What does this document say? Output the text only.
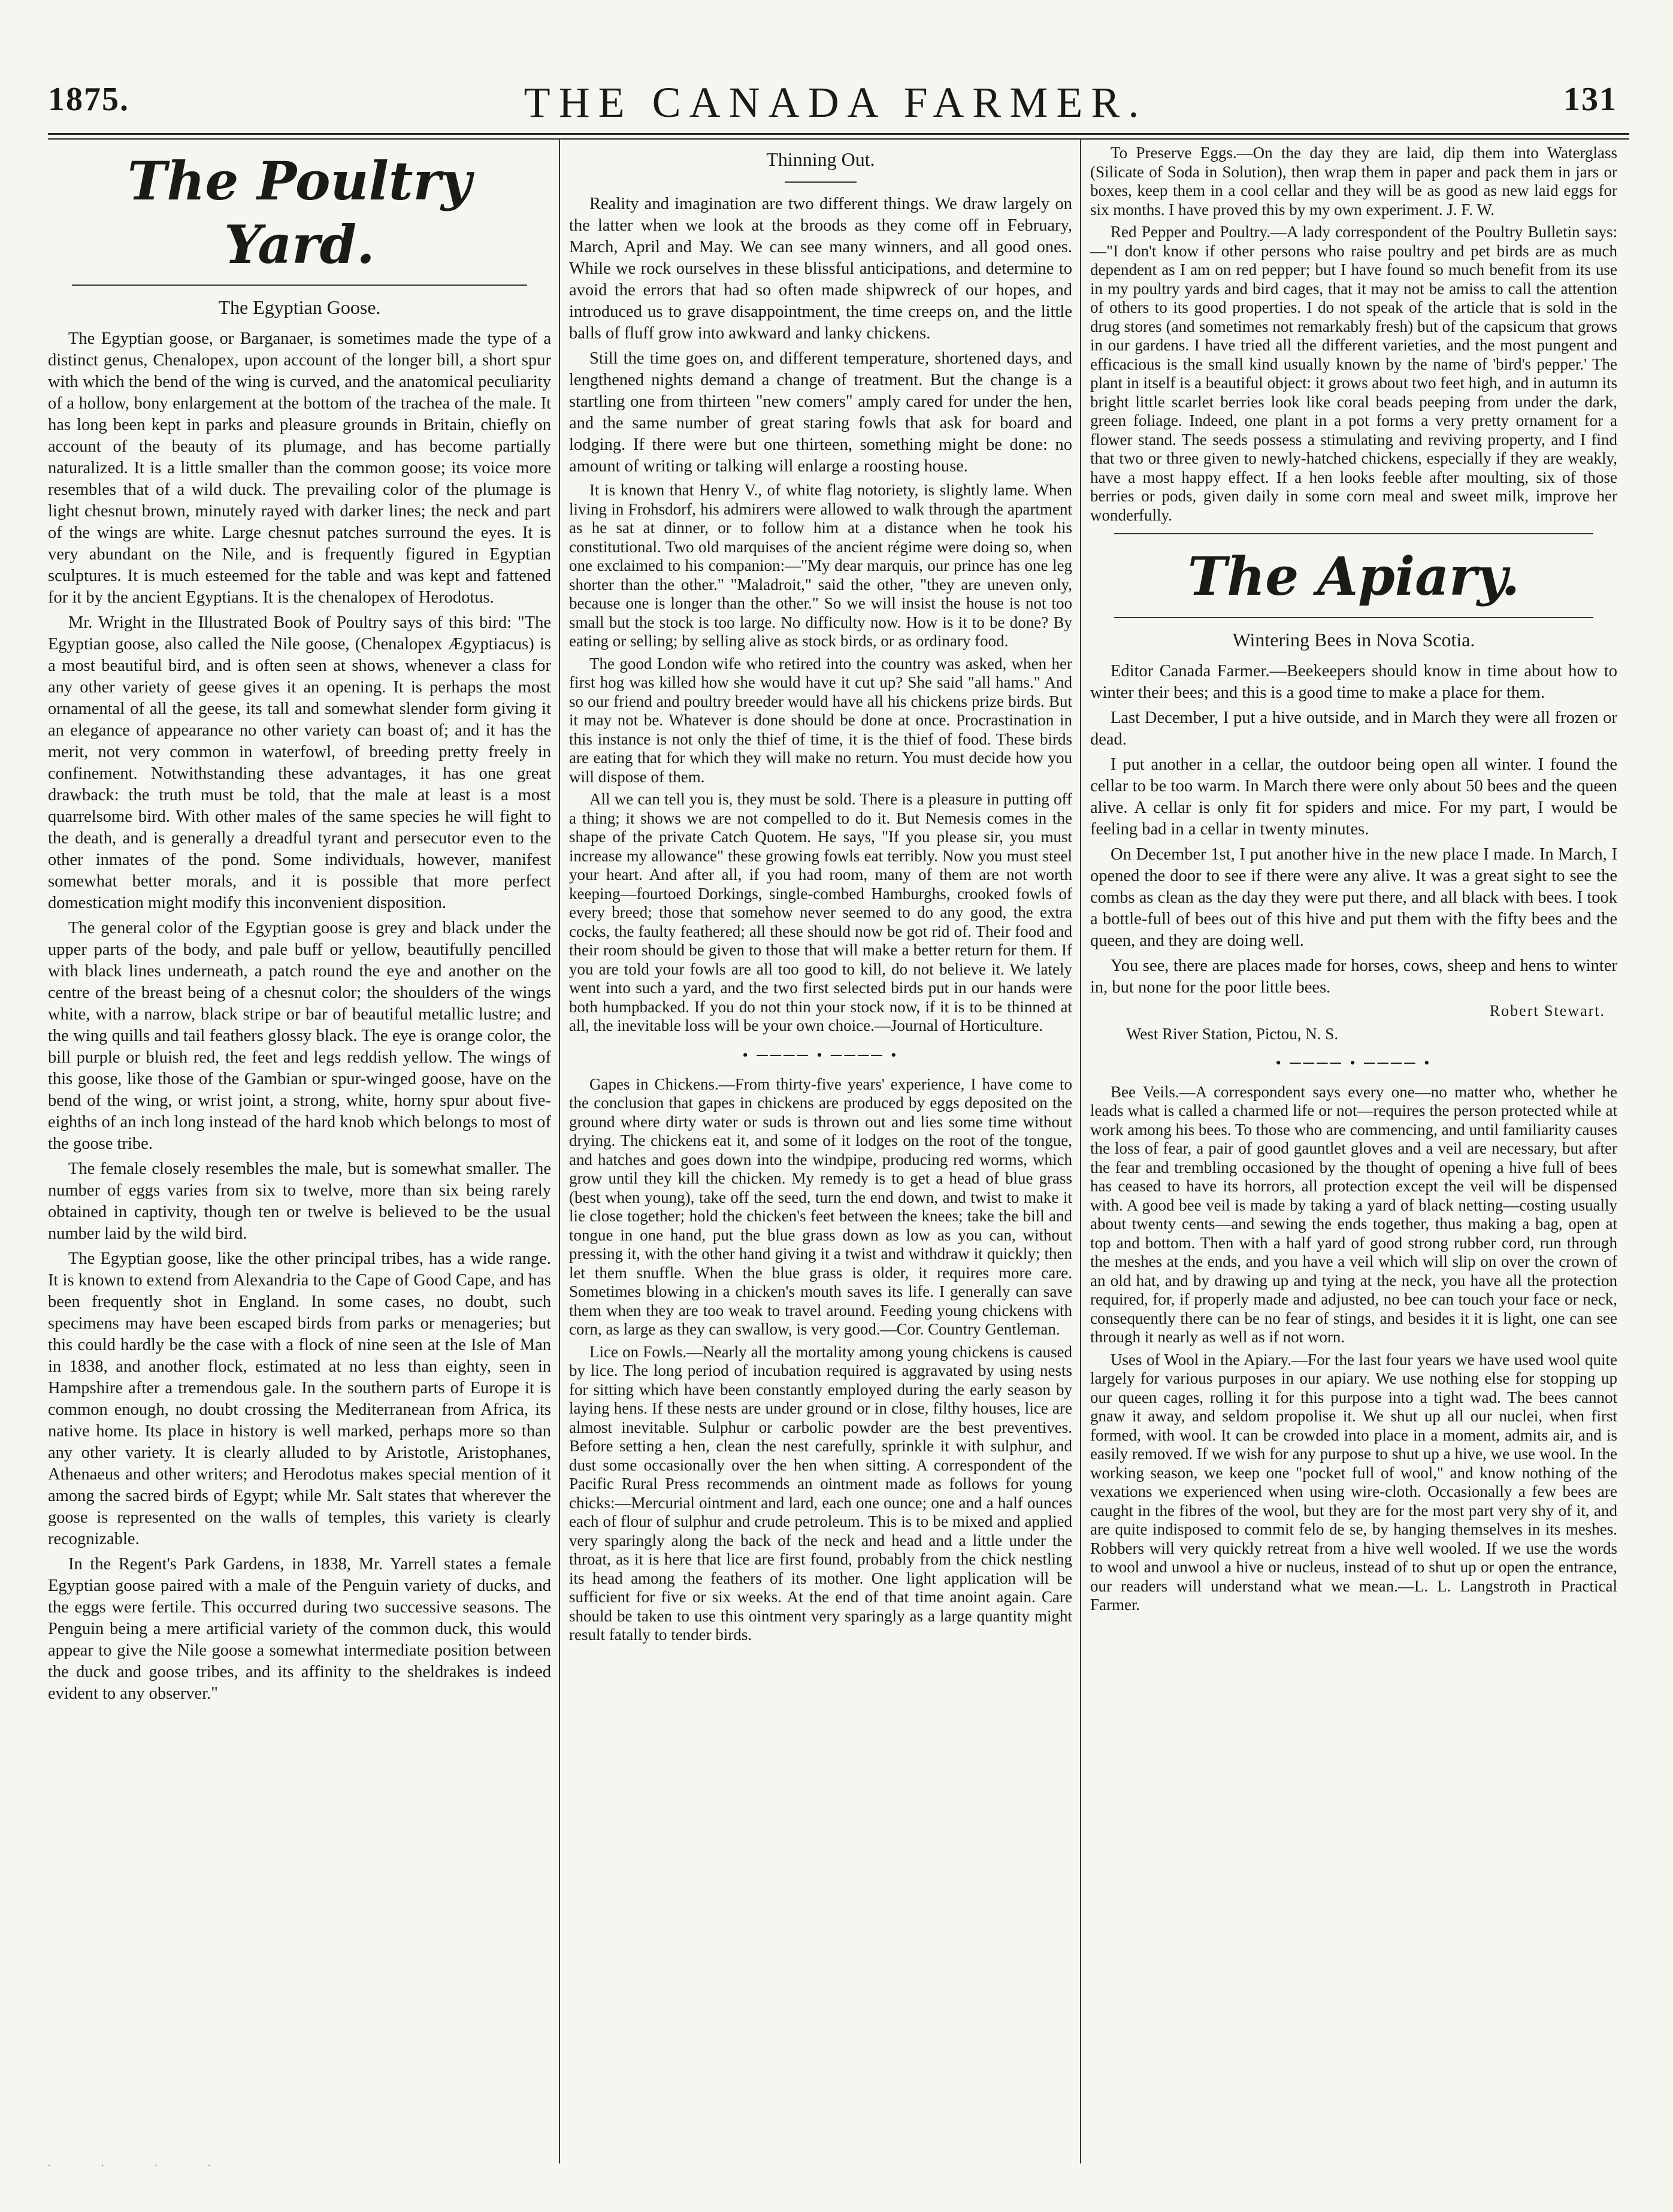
1875.	THE CANADA FARMER.	131
The Poultry Yard.
The Egyptian Goose.

The Egyptian goose, or Barganaer, is sometimes made the type of a distinct genus, Chenalopex, upon account of the longer bill, a short spur with which the bend of the wing is curved, and the anatomical peculiarity of a hollow, bony enlargement at the bottom of the trachea of the male. It has long been kept in parks and pleasure grounds in Britain, chiefly on account of the beauty of its plumage, and has become partially naturalized. It is a little smaller than the common goose; its voice more resembles that of a wild duck. The prevailing color of the plumage is light chesnut brown, minutely rayed with darker lines; the neck and part of the wings are white. Large chesnut patches surround the eyes. It is very abundant on the Nile, and is frequently figured in Egyptian sculptures. It is much esteemed for the table and was kept and fattened for it by the ancient Egyptians. It is the chenalopex of Herodotus.

Mr. Wright in the Illustrated Book of Poultry says of this bird: "The Egyptian goose, also called the Nile goose, (Chenalopex Ægyptiacus) is a most beautiful bird, and is often seen at shows, whenever a class for any other variety of geese gives it an opening. It is perhaps the most ornamental of all the geese, its tall and somewhat slender form giving it an elegance of appearance no other variety can boast of; and it has the merit, not very common in waterfowl, of breeding pretty freely in confinement. Notwithstanding these advantages, it has one great drawback: the truth must be told, that the male at least is a most quarrelsome bird. With other males of the same species he will fight to the death, and is generally a dreadful tyrant and persecutor even to the other inmates of the pond. Some individuals, however, manifest somewhat better morals, and it is possible that more perfect domestication might modify this inconvenient disposition.

The general color of the Egyptian goose is grey and black under the upper parts of the body, and pale buff or yellow, beautifully pencilled with black lines underneath, a patch round the eye and another on the centre of the breast being of a chesnut color; the shoulders of the wings white, with a narrow, black stripe or bar of beautiful metallic lustre; and the wing quills and tail feathers glossy black. The eye is orange color, the bill purple or bluish red, the feet and legs reddish yellow. The wings of this goose, like those of the Gambian or spur-winged goose, have on the bend of the wing, or wrist joint, a strong, white, horny spur about five-eighths of an inch long instead of the hard knob which belongs to most of the goose tribe.

The female closely resembles the male, but is somewhat smaller. The number of eggs varies from six to twelve, more than six being rarely obtained in captivity, though ten or twelve is believed to be the usual number laid by the wild bird.

The Egyptian goose, like the other principal tribes, has a wide range. It is known to extend from Alexandria to the Cape of Good Cape, and has been frequently shot in England. In some cases, no doubt, such specimens may have been escaped birds from parks or menageries; but this could hardly be the case with a flock of nine seen at the Isle of Man in 1838, and another flock, estimated at no less than eighty, seen in Hampshire after a tremendous gale. In the southern parts of Europe it is common enough, no doubt crossing the Mediterranean from Africa, its native home. Its place in history is well marked, perhaps more so than any other variety. It is clearly alluded to by Aristotle, Aristophanes, Athenaeus and other writers; and Herodotus makes special mention of it among the sacred birds of Egypt; while Mr. Salt states that wherever the goose is represented on the walls of temples, this variety is clearly recognizable.

In the Regent's Park Gardens, in 1838, Mr. Yarrell states a female Egyptian goose paired with a male of the Penguin variety of ducks, and the eggs were fertile. This occurred during two successive seasons. The Penguin being a mere artificial variety of the common duck, this would appear to give the Nile goose a somewhat intermediate position between the duck and goose tribes, and its affinity to the sheldrakes is indeed evident to any observer."

Thinning Out.

Reality and imagination are two different things. We draw largely on the latter when we look at the broods as they come off in February, March, April and May. We can see many winners, and all good ones. While we rock ourselves in these blissful anticipations, and determine to avoid the errors that had so often made shipwreck of our hopes, and introduced us to grave disappointment, the time creeps on, and the little balls of fluff grow into awkward and lanky chickens.

Still the time goes on, and different temperature, shortened days, and lengthened nights demand a change of treatment. But the change is a startling one from thirteen "new comers" amply cared for under the hen, and the same number of great staring fowls that ask for board and lodging. If there were but one thirteen, something might be done: no amount of writing or talking will enlarge a roosting house.

It is known that Henry V., of white flag notoriety, is slightly lame. When living in Frohsdorf, his admirers were allowed to walk through the apartment as he sat at dinner, or to follow him at a distance when he took his constitutional. Two old marquises of the ancient régime were doing so, when one exclaimed to his companion:—"My dear marquis, our prince has one leg shorter than the other." "Maladroit," said the other, "they are uneven only, because one is longer than the other." So we will insist the house is not too small but the stock is too large. No difficulty now. How is it to be done? By eating or selling; by selling alive as stock birds, or as ordinary food.

The good London wife who retired into the country was asked, when her first hog was killed how she would have it cut up? She said "all hams." And so our friend and poultry breeder would have all his chickens prize birds. But it may not be. Whatever is done should be done at once. Procrastination in this instance is not only the thief of time, it is the thief of food. These birds are eating that for which they will make no return. You must decide how you will dispose of them.

All we can tell you is, they must be sold. There is a pleasure in putting off a thing; it shows we are not compelled to do it. But Nemesis comes in the shape of the private Catch Quotem. He says, "If you please sir, you must increase my allowance" these growing fowls eat terribly. Now you must steel your heart. And after all, if you had room, many of them are not worth keeping—fourtoed Dorkings, single-combed Hamburghs, crooked fowls of every breed; those that somehow never seemed to do any good, the extra cocks, the faulty feathered; all these should now be got rid of. Their food and their room should be given to those that will make a better return for them. If you are told your fowls are all too good to kill, do not believe it. We lately went into such a yard, and the two first selected birds put in our hands were both humpbacked. If you do not thin your stock now, if it is to be thinned at all, the inevitable loss will be your own choice.—Journal of Horticulture.

• ──── • ──── •

Gapes in Chickens.—From thirty-five years' experience, I have come to the conclusion that gapes in chickens are produced by eggs deposited on the ground where dirty water or suds is thrown out and lies some time without drying. The chickens eat it, and some of it lodges on the root of the tongue, and hatches and goes down into the windpipe, producing red worms, which grow until they kill the chicken. My remedy is to get a head of blue grass (best when young), take off the seed, turn the end down, and twist to make it lie close together; hold the chicken's feet between the knees; take the bill and tongue in one hand, put the blue grass down as low as you can, without pressing it, with the other hand giving it a twist and withdraw it quickly; then let them snuffle. When the blue grass is older, it requires more care. Sometimes blowing in a chicken's mouth saves its life. I generally can save them when they are too weak to travel around. Feeding young chickens with corn, as large as they can swallow, is very good.—Cor. Country Gentleman.

Lice on Fowls.—Nearly all the mortality among young chickens is caused by lice. The long period of incubation required is aggravated by using nests for sitting which have been constantly employed during the early season by laying hens. If these nests are under ground or in close, filthy houses, lice are almost inevitable. Sulphur or carbolic powder are the best preventives. Before setting a hen, clean the nest carefully, sprinkle it with sulphur, and dust some occasionally over the hen when sitting. A correspondent of the Pacific Rural Press recommends an ointment made as follows for young chicks:—Mercurial ointment and lard, each one ounce; one and a half ounces each of flour of sulphur and crude petroleum. This is to be mixed and applied very sparingly along the back of the neck and head and a little under the throat, as it is here that lice are first found, probably from the chick nestling its head among the feathers of its mother. One light application will be sufficient for five or six weeks. At the end of that time anoint again. Care should be taken to use this ointment very sparingly as a large quantity might result fatally to tender birds.

To Preserve Eggs.—On the day they are laid, dip them into Waterglass (Silicate of Soda in Solution), then wrap them in paper and pack them in jars or boxes, keep them in a cool cellar and they will be as good as new laid eggs for six months. I have proved this by my own experiment. J. F. W.

Red Pepper and Poultry.—A lady correspondent of the Poultry Bulletin says:—"I don't know if other persons who raise poultry and pet birds are as much dependent as I am on red pepper; but I have found so much benefit from its use in my poultry yards and bird cages, that it may not be amiss to call the attention of others to its good properties. I do not speak of the article that is sold in the drug stores (and sometimes not remarkably fresh) but of the capsicum that grows in our gardens. I have tried all the different varieties, and the most pungent and efficacious is the small kind usually known by the name of 'bird's pepper.' The plant in itself is a beautiful object: it grows about two feet high, and in autumn its bright little scarlet berries look like coral beads peeping from under the dark, green foliage. Indeed, one plant in a pot forms a very pretty ornament for a flower stand. The seeds possess a stimulating and reviving property, and I find that two or three given to newly-hatched chickens, especially if they are weakly, have a most happy effect. If a hen looks feeble after moulting, six of those berries or pods, given daily in some corn meal and sweet milk, improve her wonderfully.

The Apiary.
Wintering Bees in Nova Scotia.

Editor Canada Farmer.—Beekeepers should know in time about how to winter their bees; and this is a good time to make a place for them.

Last December, I put a hive outside, and in March they were all frozen or dead.

I put another in a cellar, the outdoor being open all winter. I found the cellar to be too warm. In March there were only about 50 bees and the queen alive. A cellar is only fit for spiders and mice. For my part, I would be feeling bad in a cellar in twenty minutes.

On December 1st, I put another hive in the new place I made. In March, I opened the door to see if there were any alive. It was a great sight to see the combs as clean as the day they were put there, and all black with bees. I took a bottle-full of bees out of this hive and put them with the fifty bees and the queen, and they are doing well.

You see, there are places made for horses, cows, sheep and hens to winter in, but none for the poor little bees.

Robert Stewart.
West River Station, Pictou, N. S.
• ──── • ──── •

Bee Veils.—A correspondent says every one—no matter who, whether he leads what is called a charmed life or not—requires the person protected while at work among his bees. To those who are commencing, and until familiarity causes the loss of fear, a pair of good gauntlet gloves and a veil are necessary, but after the fear and trembling occasioned by the thought of opening a hive full of bees has ceased to have its horrors, all protection except the veil will be dispensed with. A good bee veil is made by taking a yard of black netting—costing usually about twenty cents—and sewing the ends together, thus making a bag, open at top and bottom. Then with a half yard of good strong rubber cord, run through the meshes at the ends, and you have a veil which will slip on over the crown of an old hat, and by drawing up and tying at the neck, you have all the protection required, for, if properly made and adjusted, no bee can touch your face or neck, consequently there can be no fear of stings, and besides it it is light, one can see through it nearly as well as if not worn.

Uses of Wool in the Apiary.—For the last four years we have used wool quite largely for various purposes in our apiary. We use nothing else for stopping up our queen cages, rolling it for this purpose into a tight wad. The bees cannot gnaw it away, and seldom propolise it. We shut up all our nuclei, when first formed, with wool. It can be crowded into place in a moment, admits air, and is easily removed. If we wish for any purpose to shut up a hive, we use wool. In the working season, we keep one "pocket full of wool," and know nothing of the vexations we experienced when using wire-cloth. Occasionally a few bees are caught in the fibres of the wool, but they are for the most part very shy of it, and are quite indisposed to commit felo de se, by hanging themselves in its meshes. Robbers will very quickly retreat from a hive well wooled. If we use the words to wool and unwool a hive or nucleus, instead of to shut up or open the entrance, our readers will understand what we mean.—L. L. Langstroth in Practical Farmer.

. . . .
